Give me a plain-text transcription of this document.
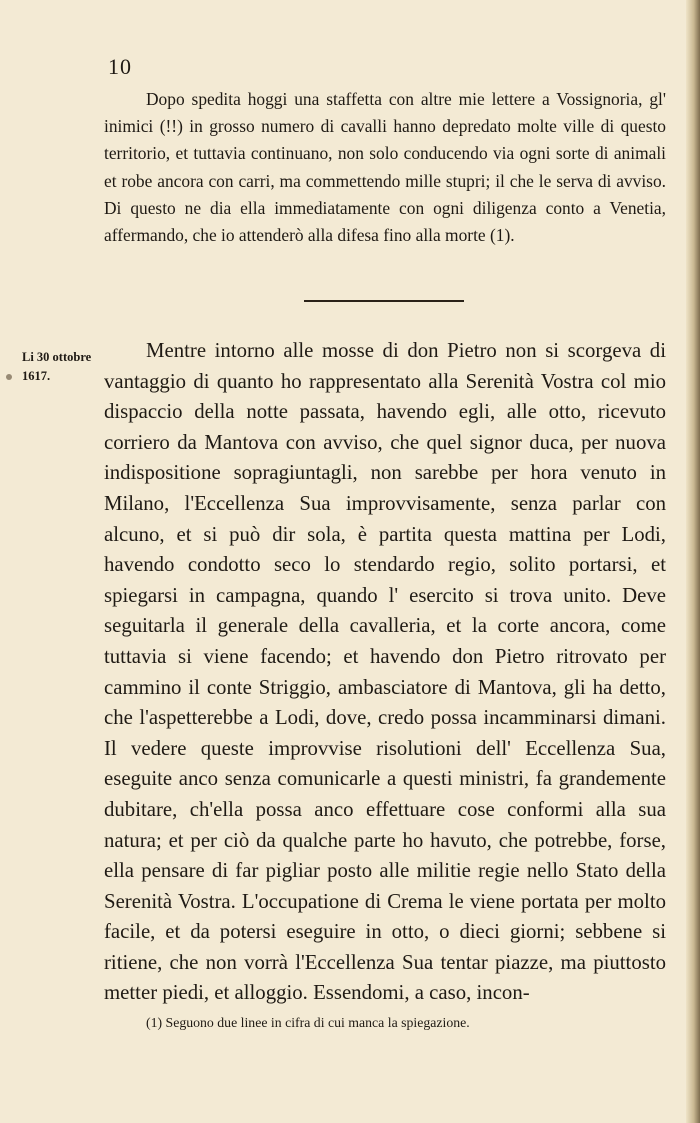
10
Dopo spedita hoggi una staffetta con altre mie lettere a Vossignoria, gl' inimici (!!) in grosso numero di cavalli hanno depredato molte ville di questo territorio, et tuttavia continuano, non solo conducendo via ogni sorte di animali et robe ancora con carri, ma commettendo mille stupri; il che le serva di avviso. Di questo ne dia ella immediatamente con ogni diligenza conto a Venetia, affermando, che io attenderò alla difesa fino alla morte (1).
Li 30 ottobre 1617.
Mentre intorno alle mosse di don Pietro non si scorgeva di vantaggio di quanto ho rappresentato alla Serenità Vostra col mio dispaccio della notte passata, havendo egli, alle otto, ricevuto corriero da Mantova con avviso, che quel signor duca, per nuova indispositione sopragiuntagli, non sarebbe per hora venuto in Milano, l'Eccellenza Sua improvvisamente, senza parlar con alcuno, et si può dir sola, è partita questa mattina per Lodi, havendo condotto seco lo stendardo regio, solito portarsi, et spiegarsi in campagna, quando l' esercito si trova unito. Deve seguitarla il generale della cavalleria, et la corte ancora, come tuttavia si viene facendo; et havendo don Pietro ritrovato per cammino il conte Striggio, ambasciatore di Mantova, gli ha detto, che l'aspetterebbe a Lodi, dove, credo possa incamminarsi dimani. Il vedere queste improvvise risolutioni dell' Eccellenza Sua, eseguite anco senza comunicarle a questi ministri, fa grandemente dubitare, ch'ella possa anco effettuare cose conformi alla sua natura; et per ciò da qualche parte ho havuto, che potrebbe, forse, ella pensare di far pigliar posto alle militie regie nello Stato della Serenità Vostra. L'occupatione di Crema le viene portata per molto facile, et da potersi eseguire in otto, o dieci giorni; sebbene si ritiene, che non vorrà l'Eccellenza Sua tentar piazze, ma piuttosto metter piedi, et alloggio. Essendomi, a caso, incon-
(1) Seguono due linee in cifra di cui manca la spiegazione.
